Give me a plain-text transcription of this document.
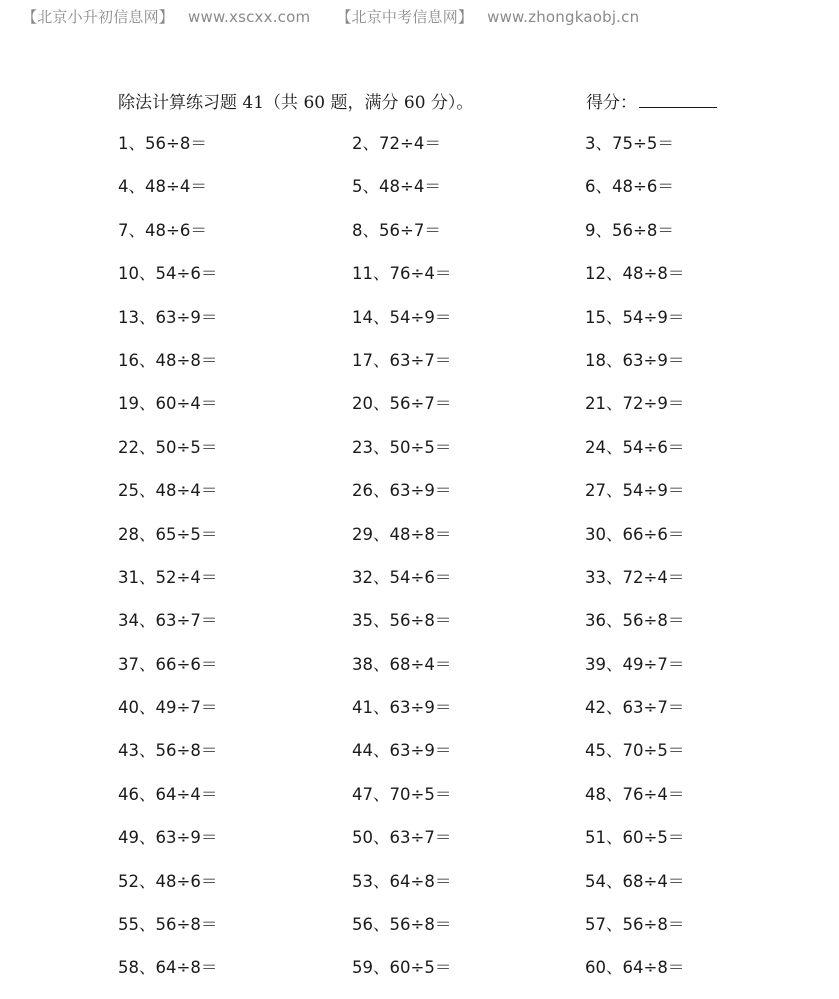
【北京小升初信息网】 www.xscxx.com 【北京中考信息网】 www.zhongkaobj.cn
除法计算练习题 41（共 60 题，满分 60 分）。	得分：
1、56÷8＝	2、72÷4＝	3、75÷5＝
4、48÷4＝	5、48÷4＝	6、48÷6＝
7、48÷6＝	8、56÷7＝	9、56÷8＝
10、54÷6＝	11、76÷4＝	12、48÷8＝
13、63÷9＝	14、54÷9＝	15、54÷9＝
16、48÷8＝	17、63÷7＝	18、63÷9＝
19、60÷4＝	20、56÷7＝	21、72÷9＝
22、50÷5＝	23、50÷5＝	24、54÷6＝
25、48÷4＝	26、63÷9＝	27、54÷9＝
28、65÷5＝	29、48÷8＝	30、66÷6＝
31、52÷4＝	32、54÷6＝	33、72÷4＝
34、63÷7＝	35、56÷8＝	36、56÷8＝
37、66÷6＝	38、68÷4＝	39、49÷7＝
40、49÷7＝	41、63÷9＝	42、63÷7＝
43、56÷8＝	44、63÷9＝	45、70÷5＝
46、64÷4＝	47、70÷5＝	48、76÷4＝
49、63÷9＝	50、63÷7＝	51、60÷5＝
52、48÷6＝	53、64÷8＝	54、68÷4＝
55、56÷8＝	56、56÷8＝	57、56÷8＝
58、64÷8＝	59、60÷5＝	60、64÷8＝
